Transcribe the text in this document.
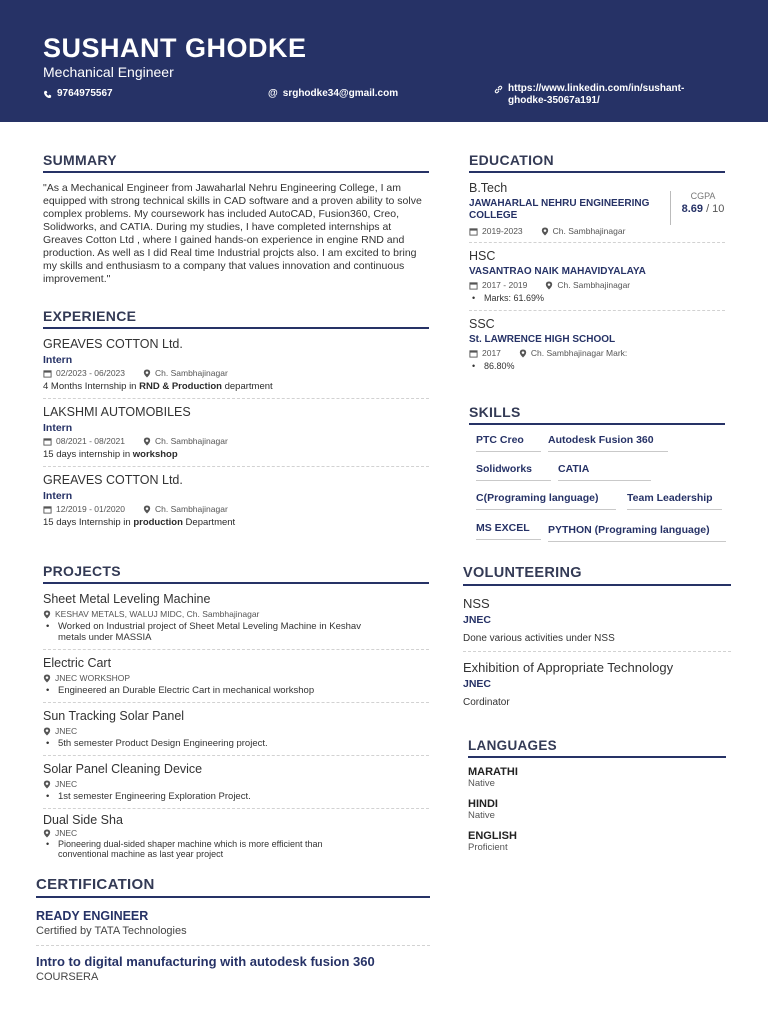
SUSHANT GHODKE
Mechanical Engineer
9764975567	@ srghodke34@gmail.com	https://www.linkedin.com/in/sushant-
ghodke-35067a191/
SUMMARY
"As a Mechanical Engineer from Jawaharlal Nehru Engineering College, I am equipped with strong technical skills in CAD software and a proven ability to solve complex problems. My coursework has included AutoCAD, Fusion360, Creo, Solidworks, and CATIA. During my studies, I have completed internships at Greaves Cotton Ltd , where I gained hands-on experience in engine RND and production. As well as I did Real time Industrial projcts also. I am excited to bring my skills and enthusiasm to a company that values innovation and continuous improvement."
EXPERIENCE
GREAVES COTTON Ltd.
Intern
02/2023 - 06/2023	Ch. Sambhajinagar
4 Months Internship in RND & Production department
LAKSHMI AUTOMOBILES
Intern
08/2021 - 08/2021	Ch. Sambhajinagar
15 days internship in workshop
GREAVES COTTON Ltd.
Intern
12/2019 - 01/2020	Ch. Sambhajinagar
15 days Internship in production Department
PROJECTS
Sheet Metal Leveling Machine
KESHAV METALS, WALUJ MIDC, Ch. Sambhajinagar
• Worked on Industrial project of Sheet Metal Leveling Machine in Keshav metals under MASSIA
Electric Cart
JNEC WORKSHOP
• Engineered an Durable Electric Cart in mechanical workshop
Sun Tracking Solar Panel
JNEC
• 5th semester Product Design Engineering project.
Solar Panel Cleaning Device
JNEC
• 1st semester Engineering Exploration Project.
Dual Side Sha
JNEC
• Pioneering dual-sided shaper machine which is more efficient than conventional machine as last year project
CERTIFICATION
READY ENGINEER
Certified by TATA Technologies
Intro to digital manufacturing with autodesk fusion 360
COURSERA
EDUCATION
B.Tech
JAWAHARLAL NEHRU ENGINEERING COLLEGE
2019-2023	Ch. Sambhajinagar
CGPA
8.69 / 10
HSC
VASANTRAO NAIK MAHAVIDYALAYA
2017 - 2019	Ch. Sambhajinagar
• Marks: 61.69%
SSC
St. LAWRENCE HIGH SCHOOL
2017	Ch. Sambhajinagar Mark:
• 86.80%
SKILLS
PTC Creo	Autodesk Fusion 360
Solidworks	CATIA
C(Programing language)	Team Leadership
MS EXCEL	PYTHON (Programing language)
VOLUNTEERING
NSS
JNEC
Done various activities under NSS
Exhibition of Appropriate Technology
JNEC
Cordinator
LANGUAGES
MARATHI
Native
HINDI
Native
ENGLISH
Proficient
